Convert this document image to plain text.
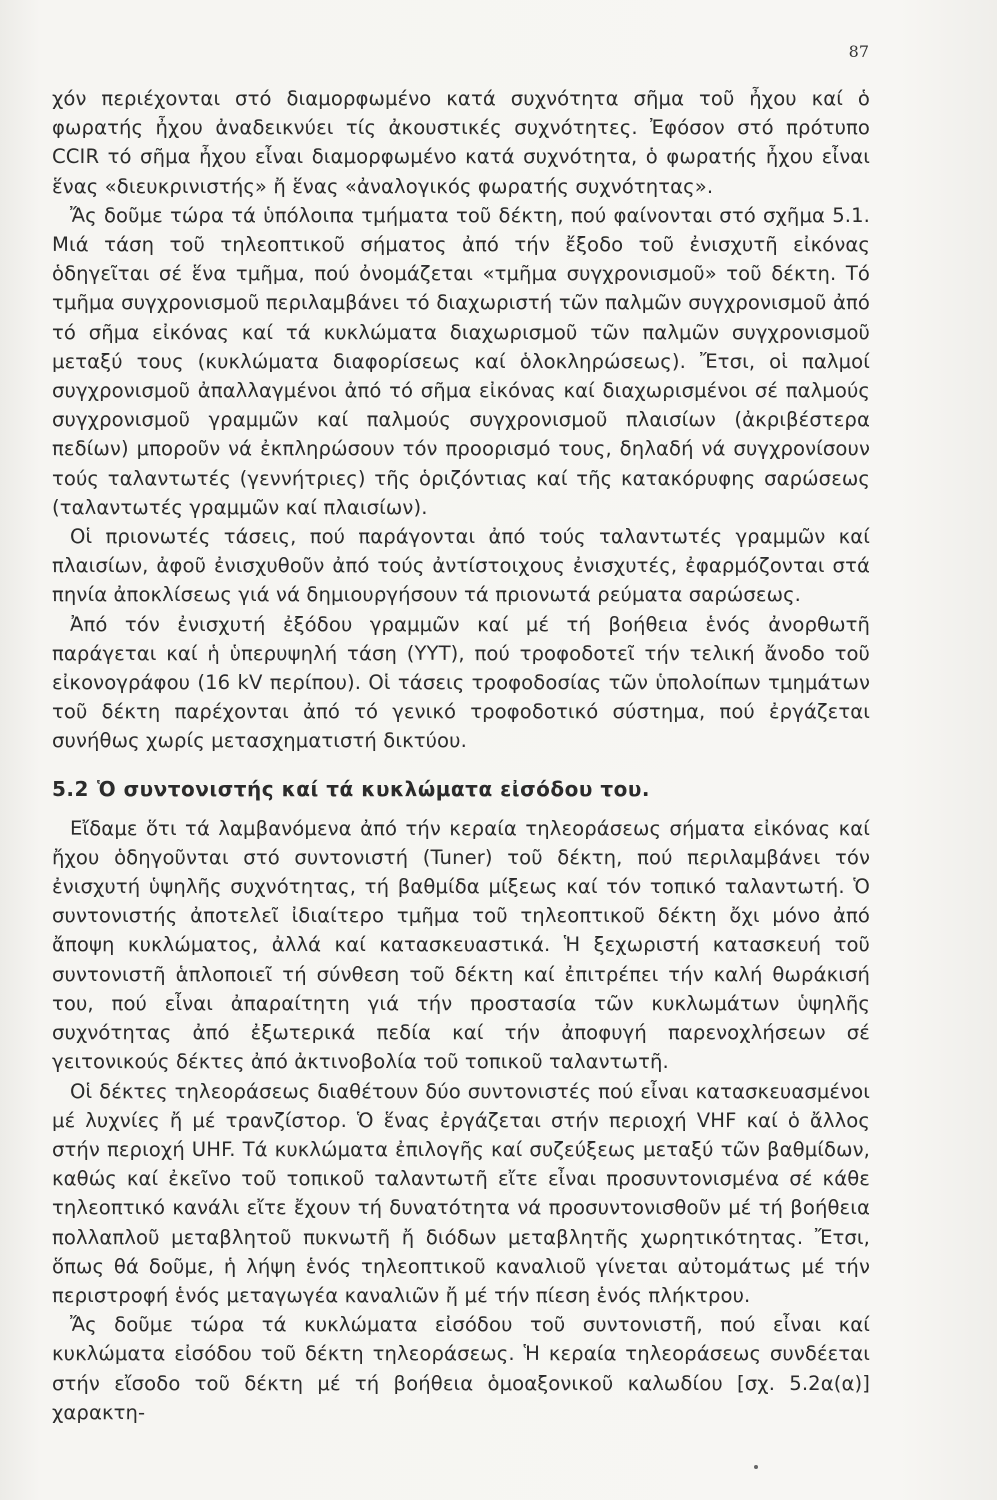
87

χόν περιέχονται στό διαμορφωμένο κατά συχνότητα σῆμα τοῦ ἦχου καί ὁ φωρατής ἦχου ἀναδεικνύει τίς ἀκουστικές συχνότητες. Ἐφόσον στό πρότυπο CCIR τό σῆμα ἦχου εἶναι διαμορφωμένο κατά συχνότητα, ὁ φωρατής ἦχου εἶναι ἕνας «διευκρινιστής» ἤ ἕνας «ἀναλογικός φωρατής συχνότητας».

Ἄς δοῦμε τώρα τά ὑπόλοιπα τμήματα τοῦ δέκτη, πού φαίνονται στό σχῆμα 5.1. Μιά τάση τοῦ τηλεοπτικοῦ σήματος ἀπό τήν ἔξοδο τοῦ ἐνισχυτῆ εἰκόνας ὁδηγεῖται σέ ἕνα τμῆμα, πού ὀνομάζεται «τμῆμα συγχρονισμοῦ» τοῦ δέκτη. Τό τμῆμα συγχρονισμοῦ περιλαμβάνει τό διαχωριστή τῶν παλμῶν συγχρονισμοῦ ἀπό τό σῆμα εἰκόνας καί τά κυκλώματα διαχωρισμοῦ τῶν παλμῶν συγχρονισμοῦ μεταξύ τους (κυκλώματα διαφορίσεως καί ὁλοκληρώσεως). Ἔτσι, οἱ παλμοί συγχρονισμοῦ ἀπαλλαγμένοι ἀπό τό σῆμα εἰκόνας καί διαχωρισμένοι σέ παλμούς συγχρονισμοῦ γραμμῶν καί παλμούς συγχρονισμοῦ πλαισίων (ἀκριβέστερα πεδίων) μποροῦν νά ἐκπληρώσουν τόν προορισμό τους, δηλαδή νά συγχρονίσουν τούς ταλαντωτές (γεννήτριες) τῆς ὁριζόντιας καί τῆς κατακόρυφης σαρώσεως (ταλαντωτές γραμμῶν καί πλαισίων).

Οἱ πριονωτές τάσεις, πού παράγονται ἀπό τούς ταλαντωτές γραμμῶν καί πλαισίων, ἀφοῦ ἐνισχυθοῦν ἀπό τούς ἀντίστοιχους ἐνισχυτές, ἐφαρμόζονται στά πηνία ἀποκλίσεως γιά νά δημιουργήσουν τά πριονωτά ρεύματα σαρώσεως.

Ἀπό τόν ἐνισχυτή ἐξόδου γραμμῶν καί μέ τή βοήθεια ἑνός ἀνορθωτῆ παράγεται καί ἡ ὑπερυψηλή τάση (ΥΥΤ), πού τροφοδοτεῖ τήν τελική ἄνοδο τοῦ εἰκονογράφου (16 kV περίπου). Οἱ τάσεις τροφοδοσίας τῶν ὑπολοίπων τμημάτων τοῦ δέκτη παρέχονται ἀπό τό γενικό τροφοδοτικό σύστημα, πού ἐργάζεται συνήθως χωρίς μετασχηματιστή δικτύου.

5.2 Ὁ συντονιστής καί τά κυκλώματα εἰσόδου του.

Εἴδαμε ὅτι τά λαμβανόμενα ἀπό τήν κεραία τηλεοράσεως σήματα εἰκόνας καί ἤχου ὁδηγοῦνται στό συντονιστή (Tuner) τοῦ δέκτη, πού περιλαμβάνει τόν ἐνισχυτή ὑψηλῆς συχνότητας, τή βαθμίδα μίξεως καί τόν τοπικό ταλαντωτή. Ὁ συντονιστής ἀποτελεῖ ἰδιαίτερο τμῆμα τοῦ τηλεοπτικοῦ δέκτη ὄχι μόνο ἀπό ἄποψη κυκλώματος, ἀλλά καί κατασκευαστικά. Ἡ ξεχωριστή κατασκευή τοῦ συντονιστῆ ἁπλοποιεῖ τή σύνθεση τοῦ δέκτη καί ἐπιτρέπει τήν καλή θωράκισή του, πού εἶναι ἀπαραίτητη γιά τήν προστασία τῶν κυκλωμάτων ὑψηλῆς συχνότητας ἀπό ἐξωτερικά πεδία καί τήν ἀποφυγή παρενοχλήσεων σέ γειτονικούς δέκτες ἀπό ἀκτινοβολία τοῦ τοπικοῦ ταλαντωτῆ.

Οἱ δέκτες τηλεοράσεως διαθέτουν δύο συντονιστές πού εἶναι κατασκευασμένοι μέ λυχνίες ἤ μέ τρανζίστορ. Ὁ ἕνας ἐργάζεται στήν περιοχή VHF καί ὁ ἄλλος στήν περιοχή UHF. Τά κυκλώματα ἐπιλογῆς καί συζεύξεως μεταξύ τῶν βαθμίδων, καθώς καί ἐκεῖνο τοῦ τοπικοῦ ταλαντωτῆ εἴτε εἶναι προσυντονισμένα σέ κάθε τηλεοπτικό κανάλι εἴτε ἔχουν τή δυνατότητα νά προσυντονισθοῦν μέ τή βοήθεια πολλαπλοῦ μεταβλητοῦ πυκνωτῆ ἤ διόδων μεταβλητῆς χωρητικότητας. Ἔτσι, ὅπως θά δοῦμε, ἡ λήψη ἑνός τηλεοπτικοῦ καναλιοῦ γίνεται αὐτομάτως μέ τήν περιστροφή ἑνός μεταγωγέα καναλιῶν ἤ μέ τήν πίεση ἑνός πλήκτρου.

Ἄς δοῦμε τώρα τά κυκλώματα εἰσόδου τοῦ συντονιστῆ, πού εἶναι καί κυκλώματα εἰσόδου τοῦ δέκτη τηλεοράσεως. Ἡ κεραία τηλεοράσεως συνδέεται στήν εἴσοδο τοῦ δέκτη μέ τή βοήθεια ὁμοαξονικοῦ καλωδίου [σχ. 5.2α(α)] χαρακτη-
